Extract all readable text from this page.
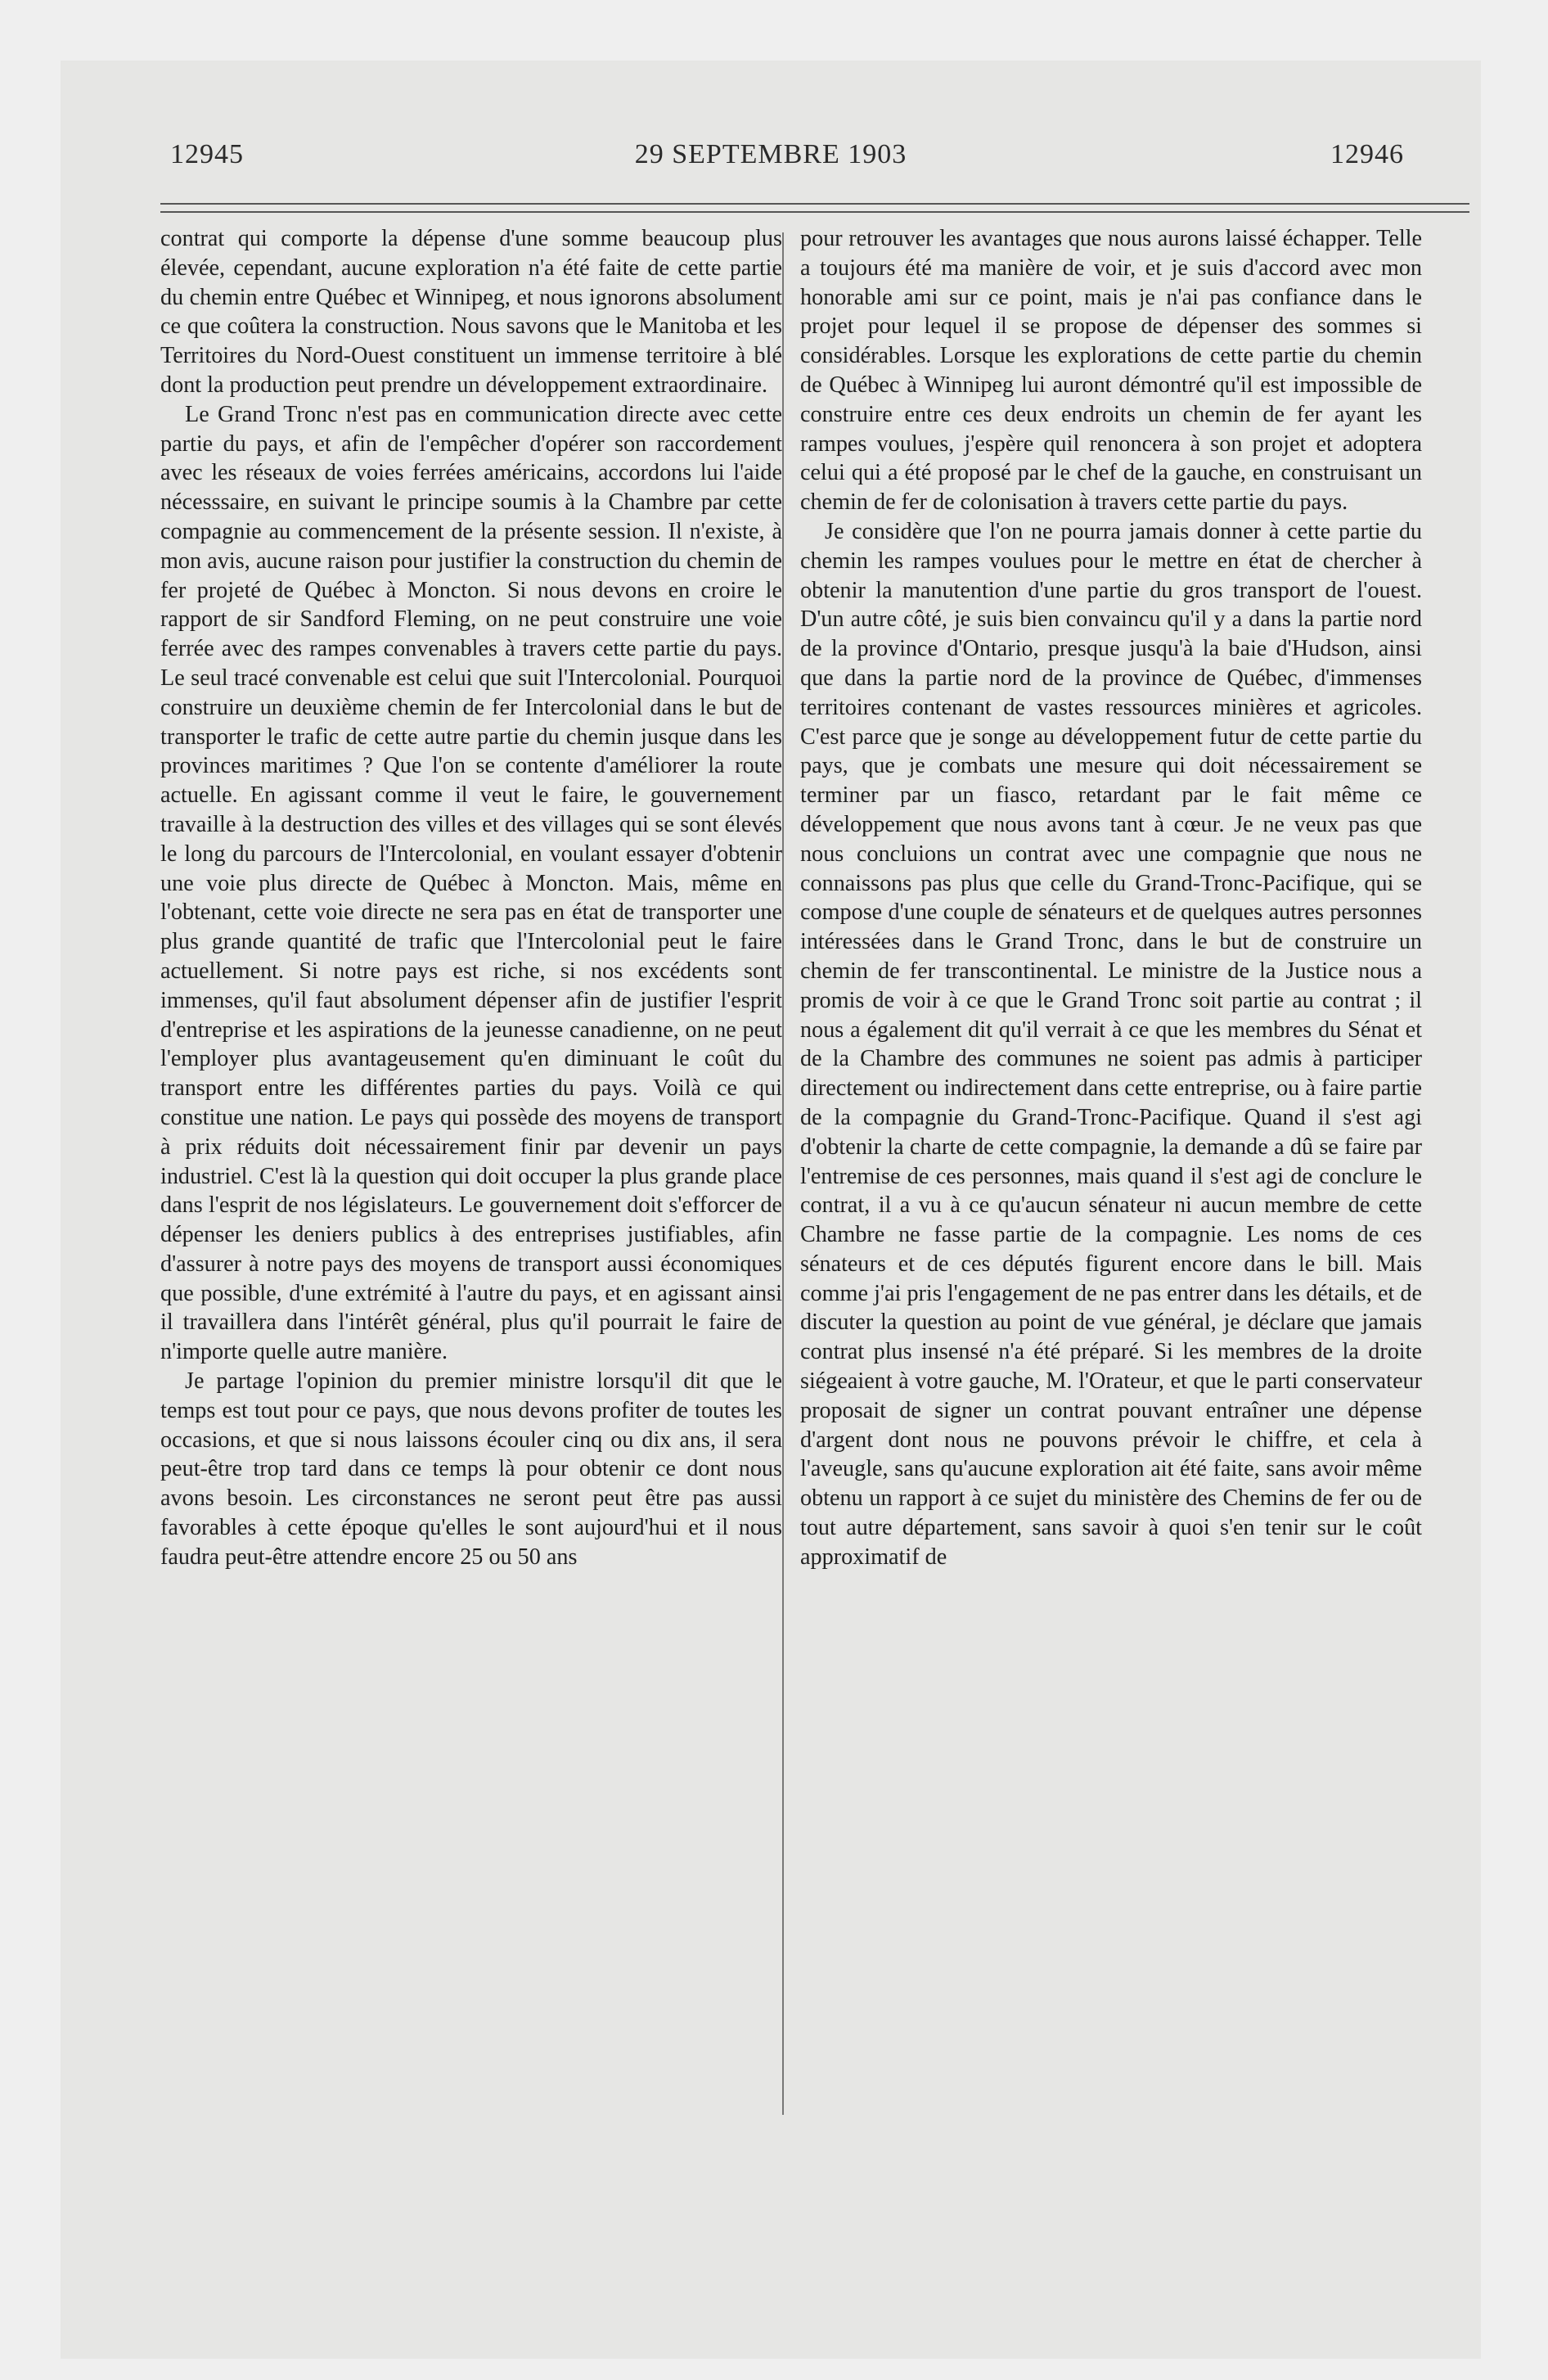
12945	29 SEPTEMBRE 1903	12946

contrat qui comporte la dépense d'une somme beaucoup plus élevée, cependant, aucune exploration n'a été faite de cette partie du chemin entre Québec et Winnipeg, et nous ignorons absolument ce que coûtera la construction. Nous savons que le Manitoba et les Territoires du Nord-Ouest constituent un immense territoire à blé dont la production peut prendre un développement extraordinaire.

Le Grand Tronc n'est pas en communication directe avec cette partie du pays, et afin de l'empêcher d'opérer son raccordement avec les réseaux de voies ferrées américains, accordons lui l'aide nécesssaire, en suivant le principe soumis à la Chambre par cette compagnie au commencement de la présente session. Il n'existe, à mon avis, aucune raison pour justifier la construction du chemin de fer projeté de Québec à Moncton. Si nous devons en croire le rapport de sir Sandford Fleming, on ne peut construire une voie ferrée avec des rampes convenables à travers cette partie du pays. Le seul tracé convenable est celui que suit l'Intercolonial. Pourquoi construire un deuxième chemin de fer Intercolonial dans le but de transporter le trafic de cette autre partie du chemin jusque dans les provinces maritimes ? Que l'on se contente d'améliorer la route actuelle. En agissant comme il veut le faire, le gouvernement travaille à la destruction des villes et des villages qui se sont élevés le long du parcours de l'Intercolonial, en voulant essayer d'obtenir une voie plus directe de Québec à Moncton. Mais, même en l'obtenant, cette voie directe ne sera pas en état de transporter une plus grande quantité de trafic que l'Intercolonial peut le faire actuellement. Si notre pays est riche, si nos excédents sont immenses, qu'il faut absolument dépenser afin de justifier l'esprit d'entreprise et les aspirations de la jeunesse canadienne, on ne peut l'employer plus avantageusement qu'en diminuant le coût du transport entre les différentes parties du pays. Voilà ce qui constitue une nation. Le pays qui possède des moyens de transport à prix réduits doit nécessairement finir par devenir un pays industriel. C'est là la question qui doit occuper la plus grande place dans l'esprit de nos législateurs. Le gouvernement doit s'efforcer de dépenser les deniers publics à des entreprises justifiables, afin d'assurer à notre pays des moyens de transport aussi économiques que possible, d'une extrémité à l'autre du pays, et en agissant ainsi il travaillera dans l'intérêt général, plus qu'il pourrait le faire de n'importe quelle autre manière.

Je partage l'opinion du premier ministre lorsqu'il dit que le temps est tout pour ce pays, que nous devons profiter de toutes les occasions, et que si nous laissons écouler cinq ou dix ans, il sera peut-être trop tard dans ce temps là pour obtenir ce dont nous avons besoin. Les circonstances ne seront peut être pas aussi favorables à cette époque qu'elles le sont aujourd'hui et il nous faudra peut-être attendre encore 25 ou 50 ans

pour retrouver les avantages que nous aurons laissé échapper. Telle a toujours été ma manière de voir, et je suis d'accord avec mon honorable ami sur ce point, mais je n'ai pas confiance dans le projet pour lequel il se propose de dépenser des sommes si considérables. Lorsque les explorations de cette partie du chemin de Québec à Winnipeg lui auront démontré qu'il est impossible de construire entre ces deux endroits un chemin de fer ayant les rampes voulues, j'espère quil renoncera à son projet et adoptera celui qui a été proposé par le chef de la gauche, en construisant un chemin de fer de colonisation à travers cette partie du pays.

Je considère que l'on ne pourra jamais donner à cette partie du chemin les rampes voulues pour le mettre en état de chercher à obtenir la manutention d'une partie du gros transport de l'ouest. D'un autre côté, je suis bien convaincu qu'il y a dans la partie nord de la province d'Ontario, presque jusqu'à la baie d'Hudson, ainsi que dans la partie nord de la province de Québec, d'immenses territoires contenant de vastes ressources minières et agricoles. C'est parce que je songe au développement futur de cette partie du pays, que je combats une mesure qui doit nécessairement se terminer par un fiasco, retardant par le fait même ce développement que nous avons tant à cœur. Je ne veux pas que nous concluions un contrat avec une compagnie que nous ne connaissons pas plus que celle du Grand-Tronc-Pacifique, qui se compose d'une couple de sénateurs et de quelques autres personnes intéressées dans le Grand Tronc, dans le but de construire un chemin de fer transcontinental. Le ministre de la Justice nous a promis de voir à ce que le Grand Tronc soit partie au contrat ; il nous a également dit qu'il verrait à ce que les membres du Sénat et de la Chambre des communes ne soient pas admis à participer directement ou indirectement dans cette entreprise, ou à faire partie de la compagnie du Grand-Tronc-Pacifique. Quand il s'est agi d'obtenir la charte de cette compagnie, la demande a dû se faire par l'entremise de ces personnes, mais quand il s'est agi de conclure le contrat, il a vu à ce qu'aucun sénateur ni aucun membre de cette Chambre ne fasse partie de la compagnie. Les noms de ces sénateurs et de ces députés figurent encore dans le bill. Mais comme j'ai pris l'engagement de ne pas entrer dans les détails, et de discuter la question au point de vue général, je déclare que jamais contrat plus insensé n'a été préparé. Si les membres de la droite siégeaient à votre gauche, M. l'Orateur, et que le parti conservateur proposait de signer un contrat pouvant entraîner une dépense d'argent dont nous ne pouvons prévoir le chiffre, et cela à l'aveugle, sans qu'aucune exploration ait été faite, sans avoir même obtenu un rapport à ce sujet du ministère des Chemins de fer ou de tout autre département, sans savoir à quoi s'en tenir sur le coût approximatif de
